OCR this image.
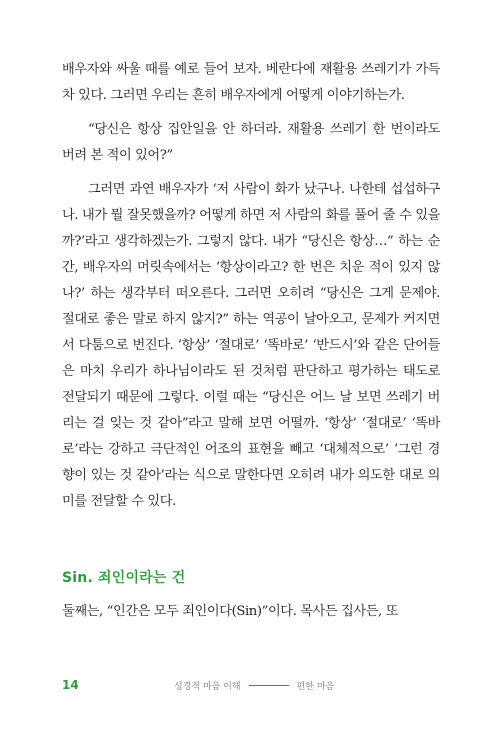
배우자와 싸울 때를 예로 들어 보자. 베란다에 재활용 쓰레기가 가득 차 있다. 그러면 우리는 흔히 배우자에게 어떻게 이야기하는가.

“당신은 항상 집안일을 안 하더라. 재활용 쓰레기 한 번이라도 버려 본 적이 있어?”

그러면 과연 배우자가 ‘저 사람이 화가 났구나. 나한테 섭섭하구나. 내가 뭘 잘못했을까? 어떻게 하면 저 사람의 화를 풀어 줄 수 있을까?’라고 생각하겠는가. 그렇지 않다. 내가 “당신은 항상…” 하는 순간, 배우자의 머릿속에서는 ‘항상이라고? 한 번은 치운 적이 있지 않나?’ 하는 생각부터 떠오른다. 그러면 오히려 “당신은 그게 문제야. 절대로 좋은 말로 하지 않지?” 하는 역공이 날아오고, 문제가 커지면서 다툼으로 번진다. ‘항상’ ‘절대로’ ‘똑바로’ ‘반드시’와 같은 단어들은 마치 우리가 하나님이라도 된 것처럼 판단하고 평가하는 태도로 전달되기 때문에 그렇다. 이럴 때는 “당신은 어느 날 보면 쓰레기 버리는 걸 잊는 것 같아”라고 말해 보면 어떨까. ‘항상’ ‘절대로’ ‘똑바로’라는 강하고 극단적인 어조의 표현을 빼고 ‘대체적으로’ ‘그런 경향이 있는 것 같아’라는 식으로 말한다면 오히려 내가 의도한 대로 의미를 전달할 수 있다.

Sin. 죄인이라는 건

둘째는, “인간은 모두 죄인이다(Sin)”이다. 목사든 집사든, 또

14	성경적 마음 이해	편한 마음
